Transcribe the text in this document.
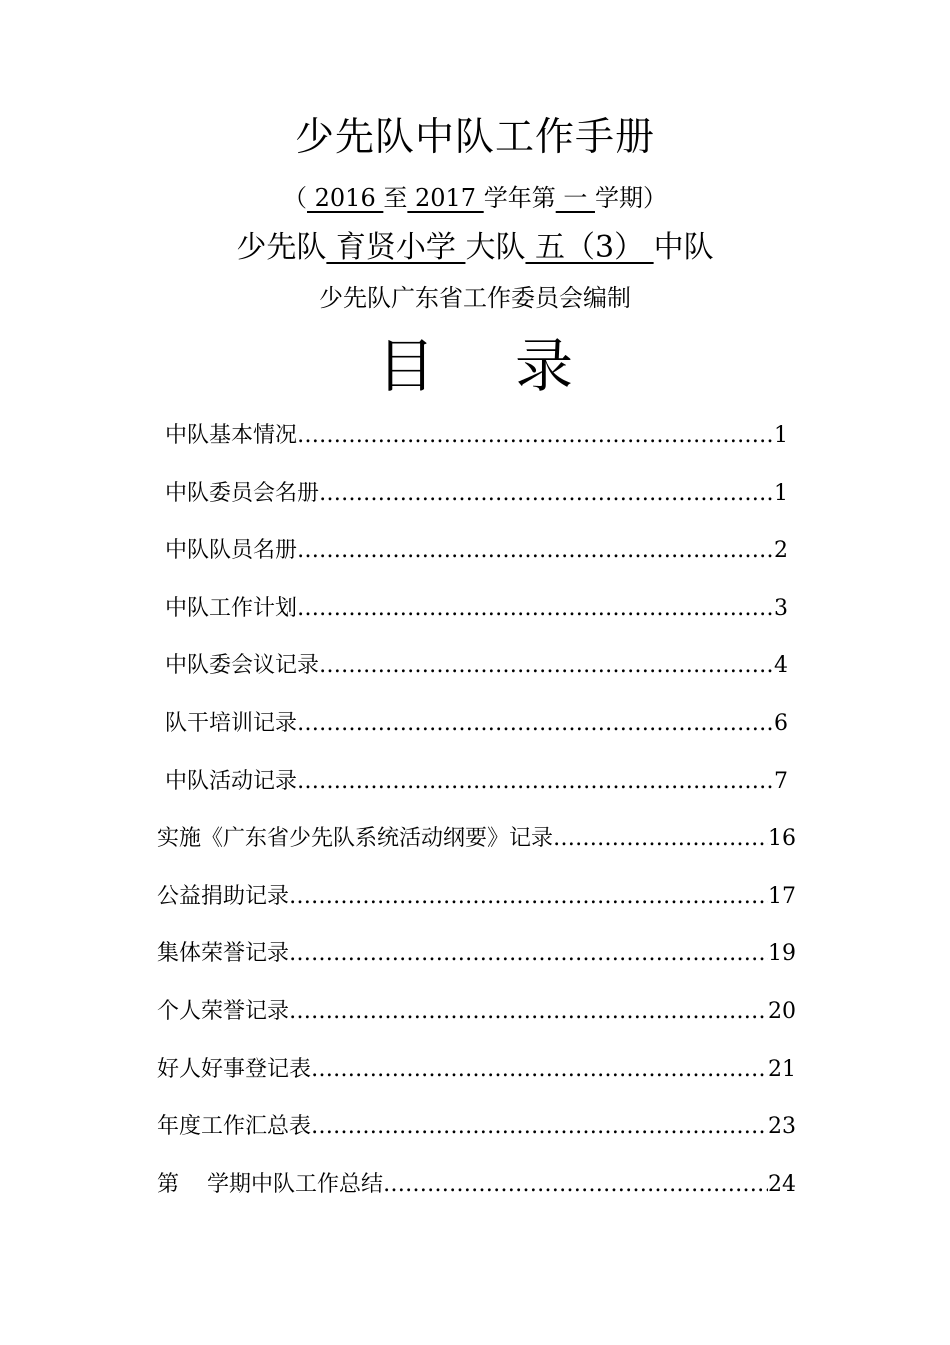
少先队中队工作手册
（ 2016 至 2017 学年第 一 学期）
少先队 育贤小学 大队 五（3） 中队
少先队广东省工作委员会编制
目 录
中队基本情况 …………………………………………………………………………………………………………………………	1
中队委员会名册 …………………………………………………………………………………………………………………………	1
中队队员名册 …………………………………………………………………………………………………………………………	2
中队工作计划 …………………………………………………………………………………………………………………………	3
中队委会议记录 …………………………………………………………………………………………………………………………	4
队干培训记录 …………………………………………………………………………………………………………………………	6
中队活动记录 …………………………………………………………………………………………………………………………	7
实施《广东省少先队系统活动纲要》记录 …………………………………………………………………………………………………………………………	16
公益捐助记录 …………………………………………………………………………………………………………………………	17
集体荣誉记录 …………………………………………………………………………………………………………………………	19
个人荣誉记录 …………………………………………………………………………………………………………………………	20
好人好事登记表 …………………………………………………………………………………………………………………………	21
年度工作汇总表 …………………………………………………………………………………………………………………………	23
第    学期中队工作总结 …………………………………………………………………………………………………………………………	24
